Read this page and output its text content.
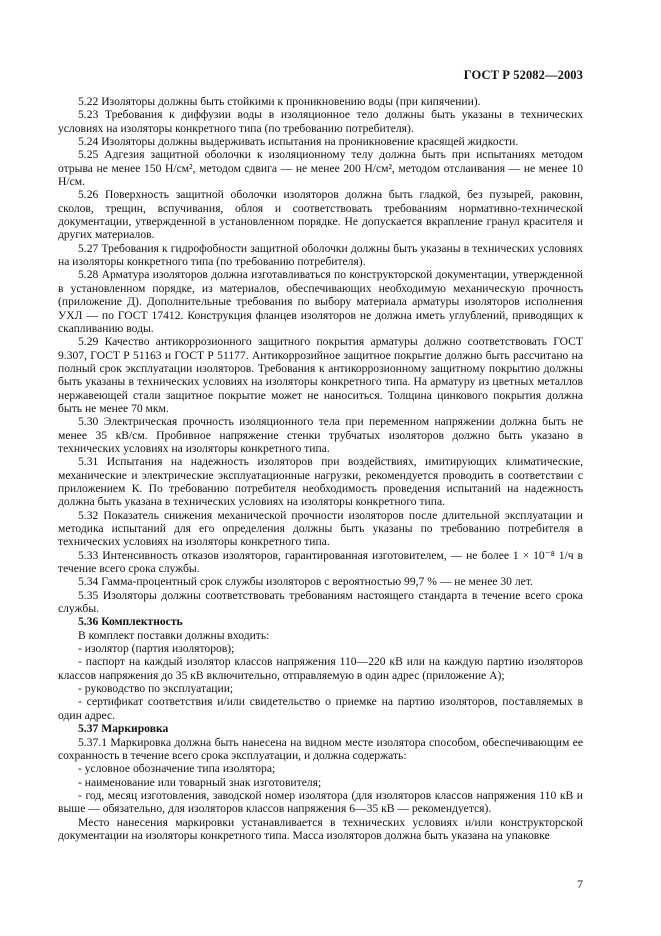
ГОСТ Р 52082—2003

5.22 Изоляторы должны быть стойкими к проникновению воды (при кипячении).

5.23 Требования к диффузии воды в изоляционное тело должны быть указаны в технических условиях на изоляторы конкретного типа (по требованию потребителя).

5.24 Изоляторы должны выдерживать испытания на проникновение красящей жидкости.

5.25 Адгезия защитной оболочки к изоляционному телу должна быть при испытаниях методом отрыва не менее 150 Н/см², методом сдвига — не менее 200 Н/см², методом отслаивания — не менее 10 Н/см.

5.26 Поверхность защитной оболочки изоляторов должна быть гладкой, без пузырей, раковин, сколов, трещин, вспучивания, облоя и соответствовать требованиям нормативно-технической документации, утвержденной в установленном порядке. Не допускается вкрапление гранул красителя и других материалов.

5.27 Требования к гидрофобности защитной оболочки должны быть указаны в технических условиях на изоляторы конкретного типа (по требованию потребителя).

5.28 Арматура изоляторов должна изготавливаться по конструкторской документации, утвержденной в установленном порядке, из материалов, обеспечивающих необходимую механическую прочность (приложение Д). Дополнительные требования по выбору материала арматуры изоляторов исполнения УХЛ — по ГОСТ 17412. Конструкция фланцев изоляторов не должна иметь углублений, приводящих к скапливанию воды.

5.29 Качество антикоррозионного защитного покрытия арматуры должно соответствовать ГОСТ 9.307, ГОСТ Р 51163 и ГОСТ Р 51177. Антикоррозийное защитное покрытие должно быть рассчитано на полный срок эксплуатации изоляторов. Требования к антикоррозионному защитному покрытию должны быть указаны в технических условиях на изоляторы конкретного типа. На арматуру из цветных металлов нержавеющей стали защитное покрытие может не наноситься. Толщина цинкового покрытия должна быть не менее 70 мкм.

5.30 Электрическая прочность изоляционного тела при переменном напряжении должна быть не менее 35 кВ/см. Пробивное напряжение стенки трубчатых изоляторов должно быть указано в технических условиях на изоляторы конкретного типа.

5.31 Испытания на надежность изоляторов при воздействиях, имитирующих климатические, механические и электрические эксплуатационные нагрузки, рекомендуется проводить в соответствии с приложением К. По требованию потребителя необходимость проведения испытаний на надежность должна быть указана в технических условиях на изоляторы конкретного типа.

5.32 Показатель снижения механической прочности изоляторов после длительной эксплуатации и методика испытаний для его определения должны быть указаны по требованию потребителя в технических условиях на изоляторы конкретного типа.

5.33 Интенсивность отказов изоляторов, гарантированная изготовителем, — не более 1 × 10⁻⁸ 1/ч в течение всего срока службы.

5.34 Гамма-процентный срок службы изоляторов с вероятностью 99,7 % — не менее 30 лет.

5.35 Изоляторы должны соответствовать требованиям настоящего стандарта в течение всего срока службы.

5.36 Комплектность

В комплект поставки должны входить:

- изолятор (партия изоляторов);

- паспорт на каждый изолятор классов напряжения 110—220 кВ или на каждую партию изоляторов классов напряжения до 35 кВ включительно, отправляемую в один адрес (приложение А);

- руководство по эксплуатации;

- сертификат соответствия и/или свидетельство о приемке на партию изоляторов, поставляемых в один адрес.

5.37 Маркировка

5.37.1 Маркировка должна быть нанесена на видном месте изолятора способом, обеспечивающим ее сохранность в течение всего срока эксплуатации, и должна содержать:

- условное обозначение типа изолятора;

- наименование или товарный знак изготовителя;

- год, месяц изготовления, заводской номер изолятора (для изоляторов классов напряжения 110 кВ и выше — обязательно, для изоляторов классов напряжения 6—35 кВ — рекомендуется).

Место нанесения маркировки устанавливается в технических условиях и/или конструкторской документации на изоляторы конкретного типа. Масса изоляторов должна быть указана на упаковке

7
